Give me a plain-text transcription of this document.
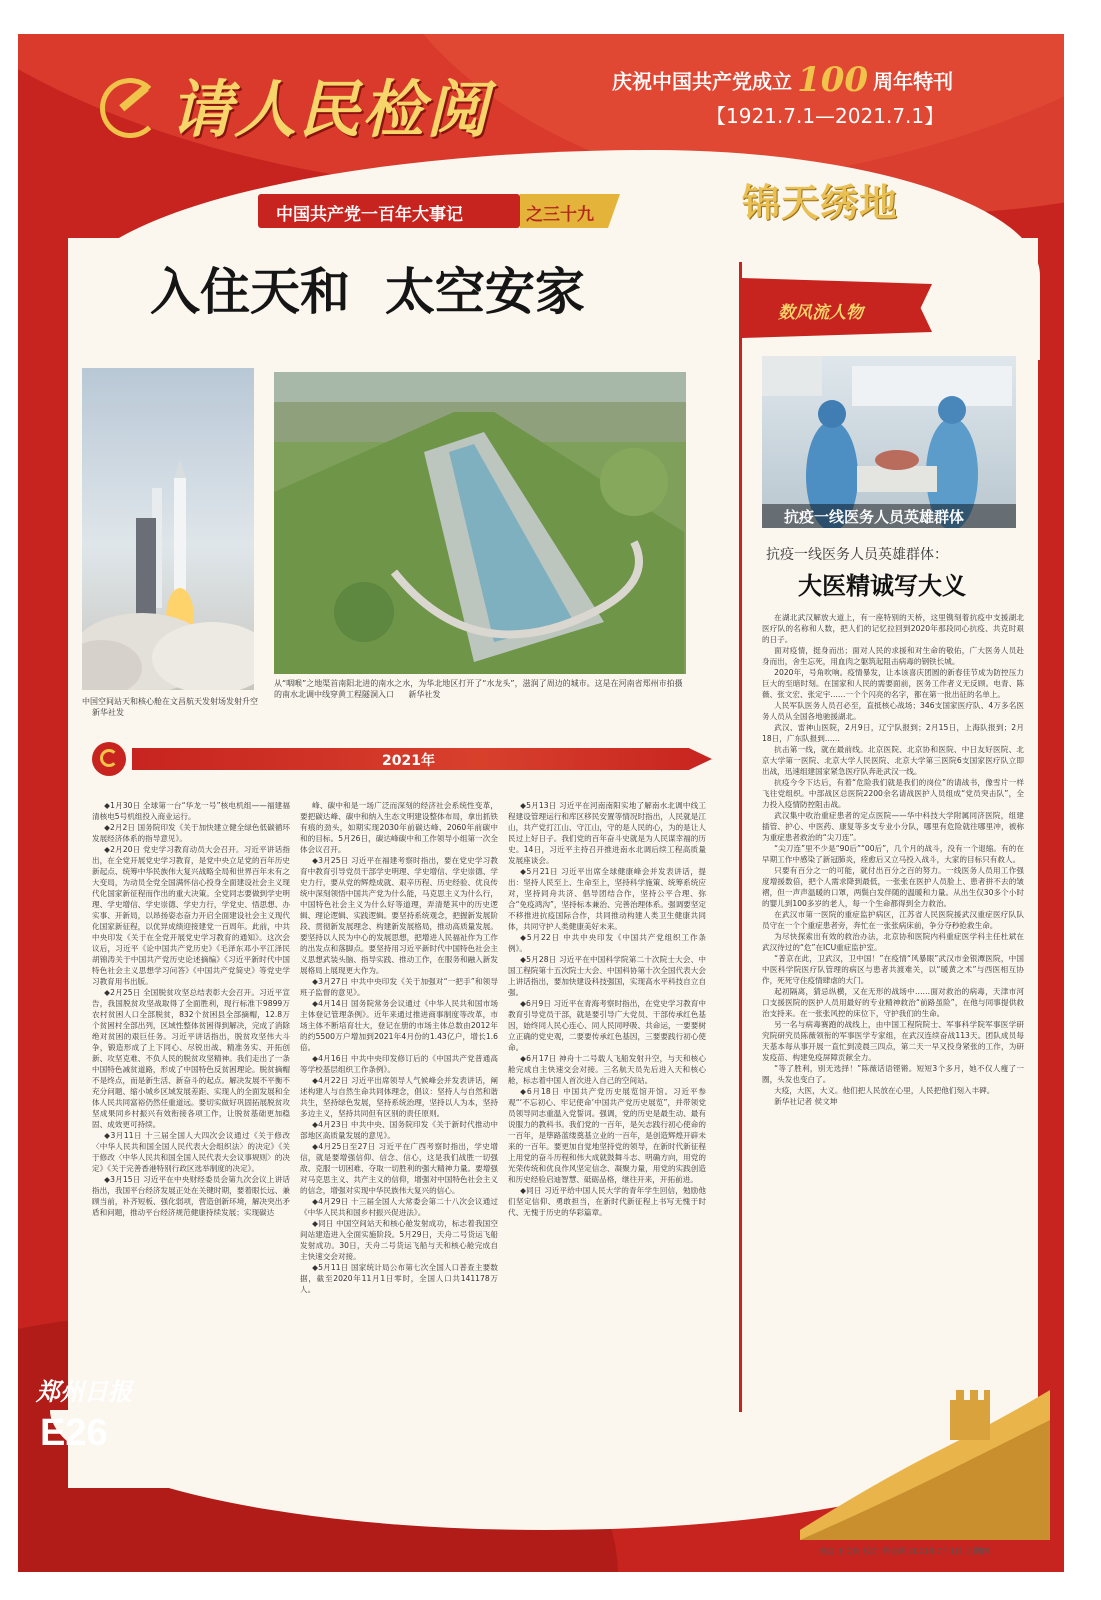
请人民检阅	庆祝中国共产党成立 100 周年特刊
【1921.7.1—2021.7.1】
锦天绣地
中国共产党一百年大事记	之三十九
入住天和  太空安家
中国空间站天和核心舱在文昌航天发射场发射升空 新华社发
从“咽喉”之地渠首南阳北进的南水之水，为华北地区打开了“水龙头”，滋润了周边的城市。这是在河南省郑州市拍摄的南水北调中线穿黄工程隧洞入口 新华社发
2021年

◆1月30日 全球第一台“华龙一号”核电机组——福建福清核电5号机组投入商业运行。

◆2月2日 国务院印发《关于加快建立健全绿色低碳循环发展经济体系的指导意见》。

◆2月20日 党史学习教育动员大会召开。习近平讲话指出，在全党开展党史学习教育，是党中央立足党的百年历史新起点、统筹中华民族伟大复兴战略全局和世界百年未有之大变局，为动员全党全国满怀信心投身全面建设社会主义现代化国家新征程而作出的重大决策。全党同志要做到学史明理、学史增信、学史崇德、学史力行，学党史、悟思想、办实事、开新局，以昂扬姿态奋力开启全面建设社会主义现代化国家新征程，以优异成绩迎接建党一百周年。此前，中共中央印发《关于在全党开展党史学习教育的通知》。这次会议后，习近平《论中国共产党历史》《毛泽东邓小平江泽民胡锦涛关于中国共产党历史论述摘编》《习近平新时代中国特色社会主义思想学习问答》《中国共产党简史》等党史学习教育用书出版。

◆2月25日 全国脱贫攻坚总结表彰大会召开。习近平宣告，我国脱贫攻坚战取得了全面胜利，现行标准下9899万农村贫困人口全部脱贫，832个贫困县全部摘帽，12.8万个贫困村全部出列，区域性整体贫困得到解决，完成了消除绝对贫困的艰巨任务。习近平讲话指出，脱贫攻坚伟大斗争，锻造形成了上下同心、尽锐出战、精准务实、开拓创新、攻坚克难、不负人民的脱贫攻坚精神。我们走出了一条中国特色减贫道路，形成了中国特色反贫困理论。脱贫摘帽不是终点，而是新生活、新奋斗的起点。解决发展不平衡不充分问题、缩小城乡区域发展差距、实现人的全面发展和全体人民共同富裕仍然任重道远。要切实做好巩固拓展脱贫攻坚成果同乡村振兴有效衔接各项工作，让脱贫基础更加稳固、成效更可持续。

◆3月11日 十三届全国人大四次会议通过《关于修改〈中华人民共和国全国人民代表大会组织法〉的决定》《关于修改〈中华人民共和国全国人民代表大会议事规则〉的决定》《关于完善香港特别行政区选举制度的决定》。

◆3月15日 习近平在中央财经委员会第九次会议上讲话指出，我国平台经济发展正处在关键时期，要着眼长远、兼顾当前，补齐短板、强化弱项，营造创新环境，解决突出矛盾和问题，推动平台经济规范健康持续发展；实现碳达

峰、碳中和是一场广泛而深刻的经济社会系统性变革，要把碳达峰、碳中和纳入生态文明建设整体布局，拿出抓铁有痕的劲头，如期实现2030年前碳达峰、2060年前碳中和的目标。5月26日，碳达峰碳中和工作领导小组第一次全体会议召开。

◆3月25日 习近平在福建考察时指出，要在党史学习教育中教育引导党员干部学史明理、学史增信、学史崇德、学史力行，要从党的辉煌成就、艰辛历程、历史经验、优良传统中深刻领悟中国共产党为什么能，马克思主义为什么行，中国特色社会主义为什么好等道理，弄清楚其中的历史逻辑、理论逻辑、实践逻辑。要坚持系统观念，把握新发展阶段、贯彻新发展理念、构建新发展格局，推动高质量发展。要坚持以人民为中心的发展思想，把增进人民福祉作为工作的出发点和落脚点。要坚持用习近平新时代中国特色社会主义思想武装头脑、指导实践、推动工作，在服务和融入新发展格局上展现更大作为。

◆3月27日 中共中央印发《关于加强对“一把手”和领导班子监督的意见》。

◆4月14日 国务院常务会议通过《中华人民共和国市场主体登记管理条例》。近年来通过推进商事制度等改革，市场主体不断培育壮大，登记在册的市场主体总数由2012年的约5500万户增加到2021年4月份的1.43亿户，增长1.6倍。

◆4月16日 中共中央印发修订后的《中国共产党普通高等学校基层组织工作条例》。

◆4月22日 习近平出席领导人气候峰会并发表讲话，阐述构建人与自然生命共同体理念，倡议：坚持人与自然和谐共生，坚持绿色发展，坚持系统治理，坚持以人为本，坚持多边主义，坚持共同但有区别的责任原则。

◆4月23日 中共中央、国务院印发《关于新时代推动中部地区高质量发展的意见》。

◆4月25日至27日 习近平在广西考察时指出，学史增信，就是要增强信仰、信念、信心，这是我们战胜一切强敌、克服一切困难、夺取一切胜利的强大精神力量。要增强对马克思主义、共产主义的信仰，增强对中国特色社会主义的信念，增强对实现中华民族伟大复兴的信心。

◆4月29日 十三届全国人大常委会第二十八次会议通过《中华人民共和国乡村振兴促进法》。

◆同日 中国空间站天和核心舱发射成功，标志着我国空间站建造进入全面实施阶段。5月29日，天舟二号货运飞船发射成功。30日，天舟二号货运飞船与天和核心舱完成自主快速交会对接。

◆5月11日 国家统计局公布第七次全国人口普查主要数据，截至2020年11月1日零时，全国人口共141178万人。

◆5月13日 习近平在河南南阳实地了解南水北调中线工程建设管理运行和库区移民安置等情况时指出，人民就是江山，共产党打江山、守江山，守的是人民的心，为的是让人民过上好日子。我们党的百年奋斗史就是为人民谋幸福的历史。14日，习近平主持召开推进南水北调后续工程高质量发展座谈会。

◆5月21日 习近平出席全球健康峰会并发表讲话，提出：坚持人民至上、生命至上，坚持科学施策、统筹系统应对，坚持同舟共济、倡导团结合作，坚持公平合理、弥合“免疫鸿沟”，坚持标本兼治、完善治理体系。强调要坚定不移推进抗疫国际合作，共同推动构建人类卫生健康共同体，共同守护人类健康美好未来。

◆5月22日 中共中央印发《中国共产党组织工作条例》。

◆5月28日 习近平在中国科学院第二十次院士大会、中国工程院第十五次院士大会、中国科协第十次全国代表大会上讲话指出，要加快建设科技强国，实现高水平科技自立自强。

◆6月9日 习近平在青海考察时指出，在党史学习教育中教育引导党员干部，就是要引导广大党员、干部传承红色基因，始终同人民心连心、同人民同呼吸、共命运，一要要树立正确的党史观，二要要传承红色基因，三要要践行初心使命。

◆6月17日 神舟十二号载人飞船发射升空，与天和核心舱完成自主快速交会对接。三名航天员先后进入天和核心舱，标志着中国人首次进入自己的空间站。

◆6月18日 中国共产党历史展览馆开馆。习近平参观“‘不忘初心、牢记使命’中国共产党历史展览”，并带领党员领导同志重温入党誓词。强调，党的历史是最生动、最有说服力的教科书。我们党的一百年，是矢志践行初心使命的一百年，是筚路蓝缕奠基立业的一百年，是创造辉煌开辟未来的一百年。要更加自觉地坚持党的领导，在新时代新征程上用党的奋斗历程和伟大成就鼓舞斗志、明确方向，用党的光荣传统和优良作风坚定信念、凝聚力量，用党的实践创造和历史经验启迪智慧、砥砺品格，继往开来，开拓前进。

◆同日 习近平给中国人民大学的青年学生回信，勉励他们坚定信仰、勇敢担当，在新时代新征程上书写无愧于时代、无愧于历史的华彩篇章。

数风流人物
抗疫一线医务人员英雄群体
抗疫一线医务人员英雄群体：
大医精诚写大义

在湖北武汉解放大道上，有一座特别的天桥，这里镌刻着抗疫中支援湖北医疗队的名称和人数，把人们的记忆拉回到2020年那段同心抗疫、共克时艰的日子。

面对疫情，挺身而出；面对人民的求援和对生命的敬佑，广大医务人员赴身而出，舍生忘死，用血肉之躯筑起阻击病毒的钢铁长城。

2020年，号角吹响。疫情暴发，让本该喜庆团圆的新春佳节成为防控压力巨大的至暗时刻。在国家和人民的需要面前，医务工作者义无反顾。电青、陈薇、张文宏、张定宇……一个个闪亮的名字，都在第一批出征的名单上。

人民军队医务人员召必至，直抵核心战场；346支国家医疗队、4万多名医务人员从全国各地驰援湖北。

武汉、雷神山医院，2月9日，辽宁队报到；2月15日，上海队报到；2月18日，广东队报到……

抗击第一线，就在最前线。北京医院、北京协和医院、中日友好医院、北京大学第一医院、北京大学人民医院、北京大学第三医院6支国家医疗队立即出战，迅速组建国家紧急医疗队奔赴武汉一线。

抗疫今令下达后，有着“危险我们就是我们的岗位”的请战书，像雪片一样飞往党组织。中部战区总医院2200余名请战医护人员组成“党员突击队”，全力投入疫情防控阻击战。

武汉集中收治重症患者的定点医院——华中科技大学附属同济医院，组建插管、护心、中医药、康复等多支专业小分队，哪里有危险就往哪里冲，被称为重症患者救治的“尖刀连”。

“尖刀连”里不少是“90后”“00后”，几个月的战斗，没有一个退缩。有的在早期工作中感染了新冠肺炎，痊愈后又立马投入战斗，大家的目标只有救人。

只要有百分之一的可能，就付出百分之百的努力。一线医务人员用工作强度增援数倍，把个人需求降到最低，一张张在医护人员脸上、患者拼不去的皱褶，但一声声温暖的口罩，两鬓白发伴随的温暖和力量。从出生仅30多个小时的婴儿到100多岁的老人，每一个生命都得到全力救治。

在武汉市第一医院的重症监护病区，江苏省人民医院援武汉重症医疗队队员守在一个个重症患者旁，奔忙在一张张病床前，争分夺秒抢救生命。

为尽快探索出有效的救治办法，北京协和医院内科重症医学科主任杜斌在武汉待过的“危”在ICU重症监护室。

“普京在此，卫武汉，卫中国！”在疫情“风暴眼”武汉市金银潭医院，中国中医科学院医疗队管理的病区与患者共渡难关，以“暖黄之术”与西医相互协作，死死守住疫情肆虐的大门。

起初隔离，猜忌纵横，又在无形的战场中……面对救治的病毒，天津市河口支援医院的医护人员用最好的专业精神救治“前路虽险”，在他与同事提供救治支持来。在一张张风控的床位下，守护我们的生命。

另一名与病毒赛跑的战线上，由中国工程院院士、军事科学院军事医学研究院研究员陈薇领衔的军事医学专家组，在武汉连续奋战113天。团队成员每天基本每从事开展一直忙到凌晨三四点，第二天一早又投身紧张的工作，为研发疫苗、构建免疫屏障贡献全力。

“等了胜利，别无选择！”陈薇话语铿锵。短短3个多月，她不仅人瘦了一圈，头发也变白了。

大疫，大医，大义。他们把人民放在心里，人民把他们刻入丰碑。

新华社记者 侯文坤

郑州日报
E26
责编 王文捷 校对 蔡会新 2021年7月1日 星期四
